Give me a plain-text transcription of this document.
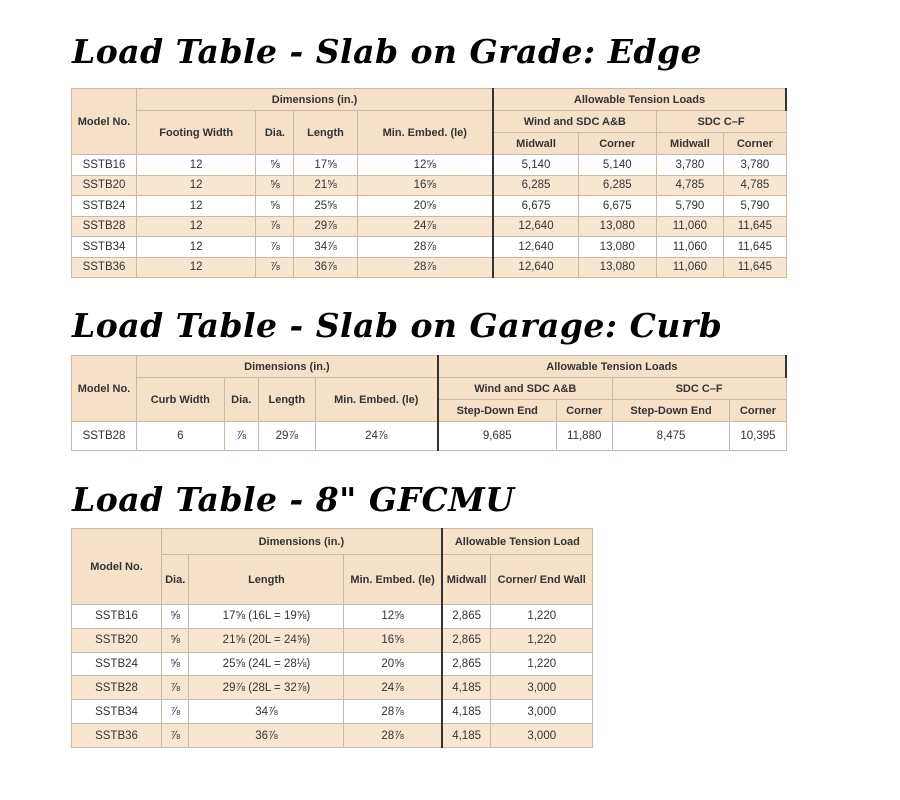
Load Table - Slab on Grade: Edge
Model No.	Dimensions (in.)				Allowable Tension Loads			
	Footing Width	Dia.	Length	Min. Embed. (le)	Wind and SDC A&B		SDC C–F	
					Midwall	Corner	Midwall	Corner
SSTB16	12	⅝	17⅝	12⅝	5,140	5,140	3,780	3,780
SSTB20	12	⅝	21⅝	16⅝	6,285	6,285	4,785	4,785
SSTB24	12	⅝	25⅝	20⅝	6,675	6,675	5,790	5,790
SSTB28	12	⅞	29⅞	24⅞	12,640	13,080	11,060	11,645
SSTB34	12	⅞	34⅞	28⅞	12,640	13,080	11,060	11,645
SSTB36	12	⅞	36⅞	28⅞	12,640	13,080	11,060	11,645
Load Table - Slab on Garage: Curb
Model No.	Dimensions (in.)				Allowable Tension Loads			
	Curb Width	Dia.	Length	Min. Embed. (le)	Wind and SDC A&B		SDC C–F	
					Step-Down End	Corner	Step-Down End	Corner
SSTB28	6	⅞	29⅞	24⅞	9,685	11,880	8,475	10,395
Load Table - 8" GFCMU
Model No.	Dimensions (in.)			Allowable Tension Load	
	Dia.	Length	Min. Embed. (le)	Midwall	Corner/ End Wall
SSTB16	⅝	17⅝ (16L = 19⅝)	12⅝	2,865	1,220
SSTB20	⅝	21⅝ (20L = 24⅝)	16⅝	2,865	1,220
SSTB24	⅝	25⅝ (24L = 28⅛)	20⅝	2,865	1,220
SSTB28	⅞	29⅞ (28L = 32⅞)	24⅞	4,185	3,000
SSTB34	⅞	34⅞	28⅞	4,185	3,000
SSTB36	⅞	36⅞	28⅞	4,185	3,000
